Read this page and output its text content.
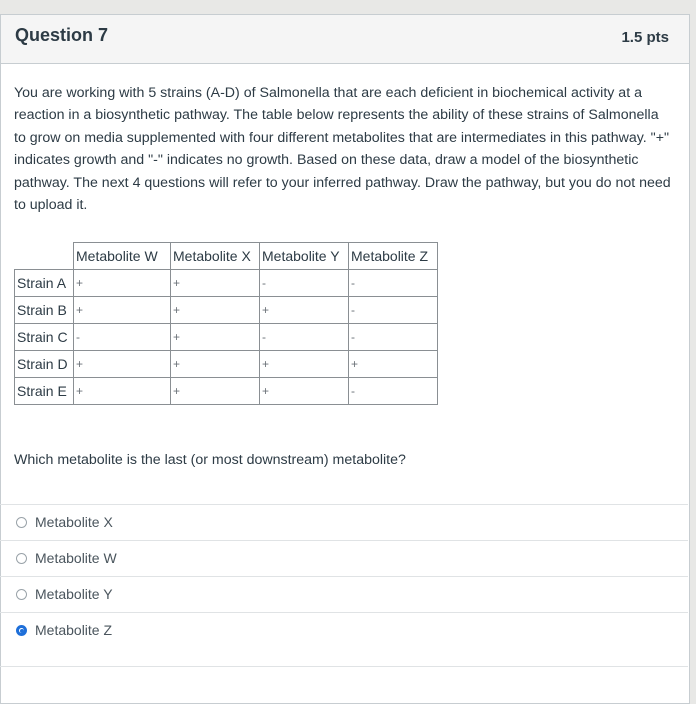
Question 7	1.5 pts
You are working with 5 strains (A-D) of Salmonella that are each deficient in biochemical activity at a reaction in a biosynthetic pathway. The table below represents the ability of these strains of Salmonella to grow on media supplemented with four different metabolites that are intermediates in this pathway. "+" indicates growth and "-" indicates no growth. Based on these data, draw a model of the biosynthetic pathway. The next 4 questions will refer to your inferred pathway. Draw the pathway, but you do not need to upload it.
	Metabolite W	Metabolite X	Metabolite Y	Metabolite Z
Strain A	+	+	-	-
Strain B	+	+	+	-
Strain C	-	+	-	-
Strain D	+	+	+	+
Strain E	+	+	+	-
Which metabolite is the last (or most downstream) metabolite?
Metabolite X
Metabolite W
Metabolite Y
Metabolite Z
